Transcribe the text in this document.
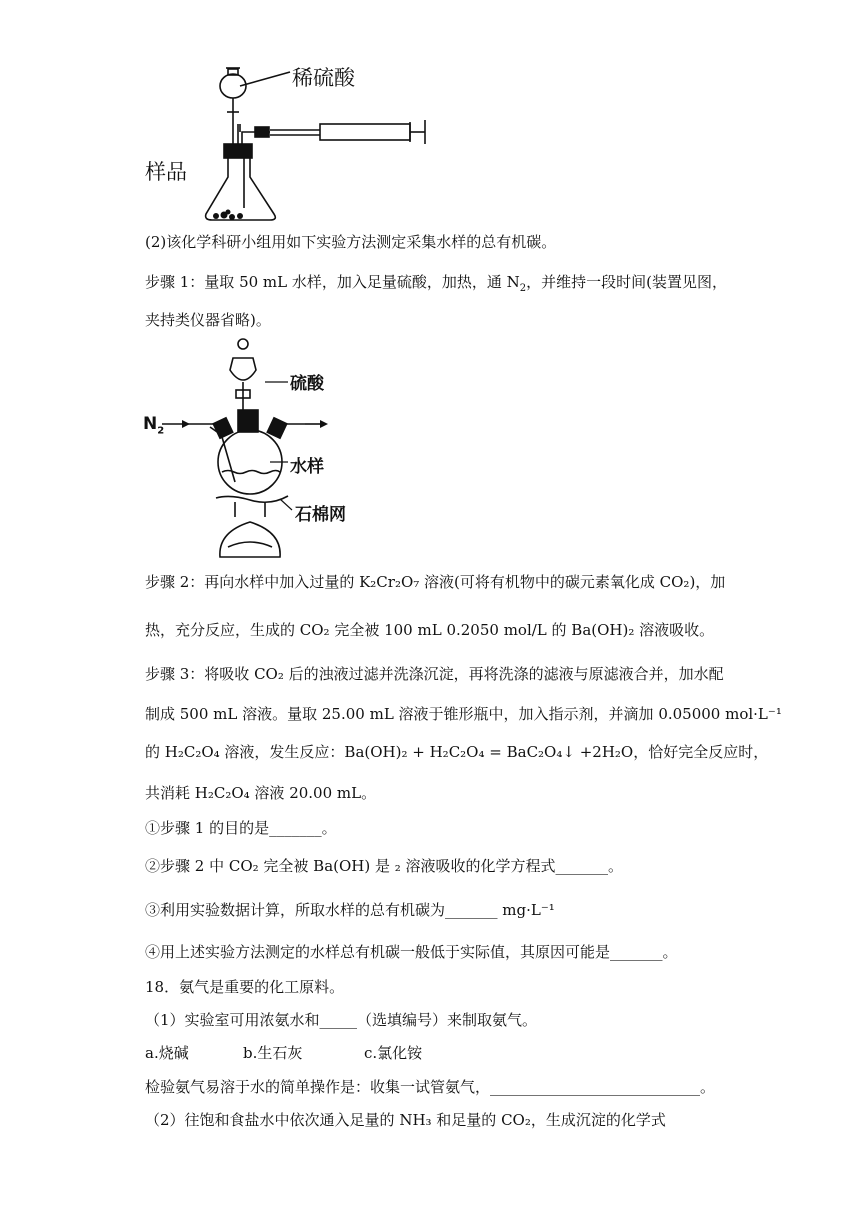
稀硫酸
样品
(2)该化学科研小组用如下实验方法测定采集水样的总有机碳。
步骤 1：量取 50 mL 水样，加入足量硫酸，加热，通 $N_2$，并维持一段时间(装置见图，
夹持类仪器省略)。
硫酸
$N_2$
水样
石棉网
步骤 2：再向水样中加入过量的 K₂Cr₂O₇ 溶液(可将有机物中的碳元素氧化成 CO₂)，加
热，充分反应，生成的 CO₂ 完全被 100 mL 0.2050 mol/L 的 Ba(OH)₂ 溶液吸收。
步骤 3：将吸收 CO₂ 后的浊液过滤并洗涤沉淀，再将洗涤的滤液与原滤液合并，加水配
制成 500 mL 溶液。量取 25.00 mL 溶液于锥形瓶中，加入指示剂，并滴加 0.05000 mol·L⁻¹
的 H₂C₂O₄ 溶液，发生反应：Ba(OH)₂ + H₂C₂O₄ = BaC₂O₄↓ +2H₂O，恰好完全反应时，
共消耗 H₂C₂O₄ 溶液 20.00 mL。
①步骤 1 的目的是_______。
②步骤 2 中 CO₂ 完全被 Ba(OH) 是 ₂ 溶液吸收的化学方程式_______。
③利用实验数据计算，所取水样的总有机碳为_______ mg·L⁻¹
④用上述实验方法测定的水样总有机碳一般低于实际值，其原因可能是_______。
18．氨气是重要的化工原料。
（1）实验室可用浓氨水和_____（选填编号）来制取氨气。
a.烧碱	b.生石灰	c.氯化铵
检验氨气易溶于水的简单操作是：收集一试管氨气，____________________________。
（2）往饱和食盐水中依次通入足量的 NH₃ 和足量的 CO₂，生成沉淀的化学式
